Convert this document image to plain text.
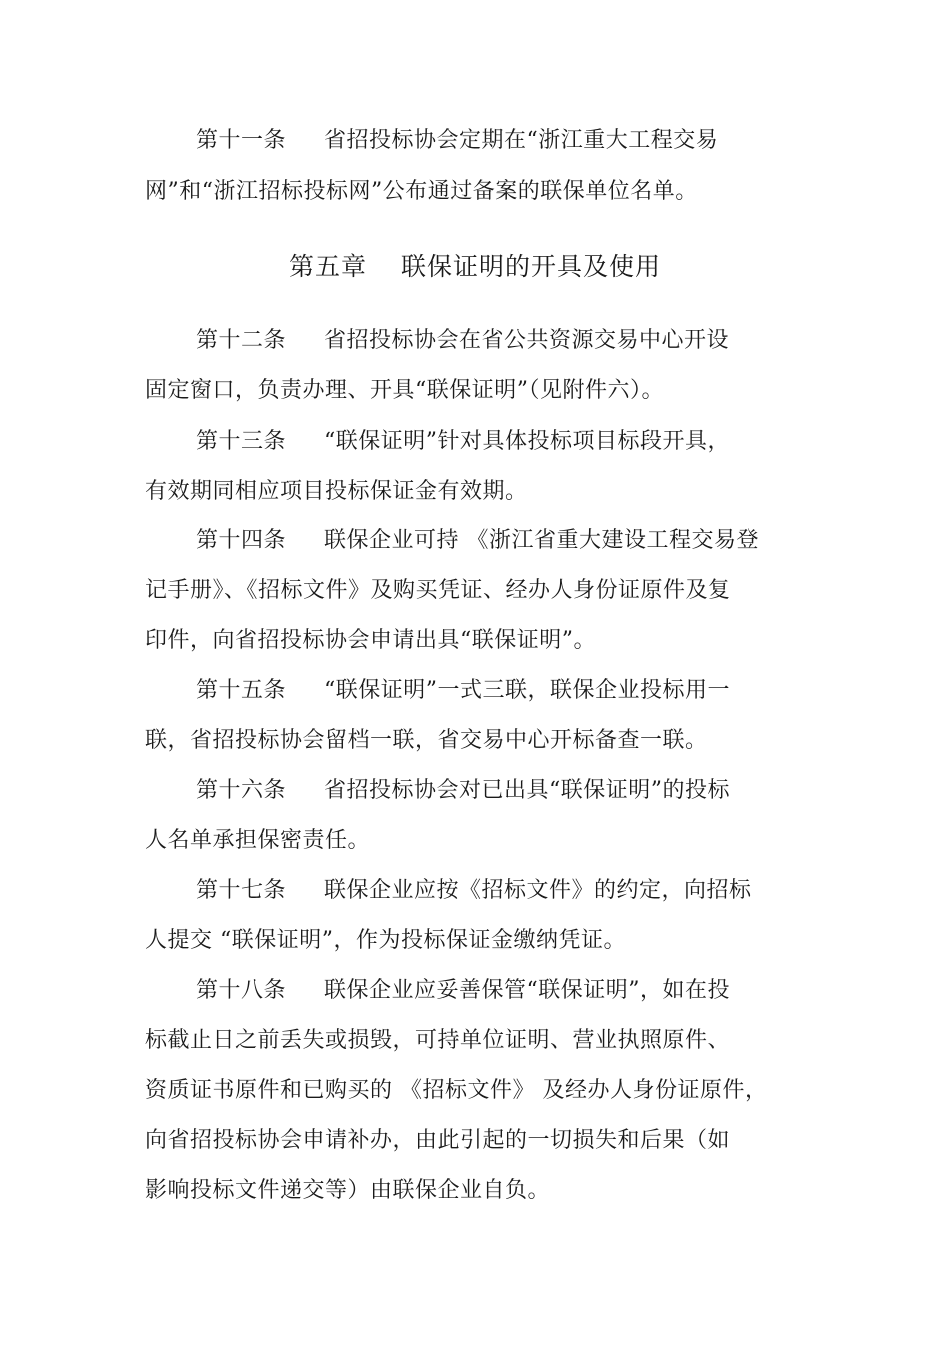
第十一条 省招投标协会定期在“浙江重大工程交易
网”和“浙江招标投标网”公布通过备案的联保单位名单。
第五章 联保证明的开具及使用
第十二条 省招投标协会在省公共资源交易中心开设
固定窗口，负责办理、开具“联保证明”（见附件六）。
第十三条 “联保证明”针对具体投标项目标段开具，
有效期同相应项目投标保证金有效期。
第十四条 联保企业可持 《浙江省重大建设工程交易登
记手册》、《招标文件》及购买凭证、经办人身份证原件及复
印件，向省招投标协会申请出具“联保证明”。
第十五条 “联保证明”一式三联，联保企业投标用一
联，省招投标协会留档一联，省交易中心开标备查一联。
第十六条 省招投标协会对已出具“联保证明”的投标
人名单承担保密责任。
第十七条 联保企业应按《招标文件》的约定，向招标
人提交 “联保证明”，作为投标保证金缴纳凭证。
第十八条 联保企业应妥善保管“联保证明”，如在投
标截止日之前丢失或损毁，可持单位证明、营业执照原件、
资质证书原件和已购买的 《招标文件》 及经办人身份证原件，
向省招投标协会申请补办，由此引起的一切损失和后果（如
影响投标文件递交等）由联保企业自负。
